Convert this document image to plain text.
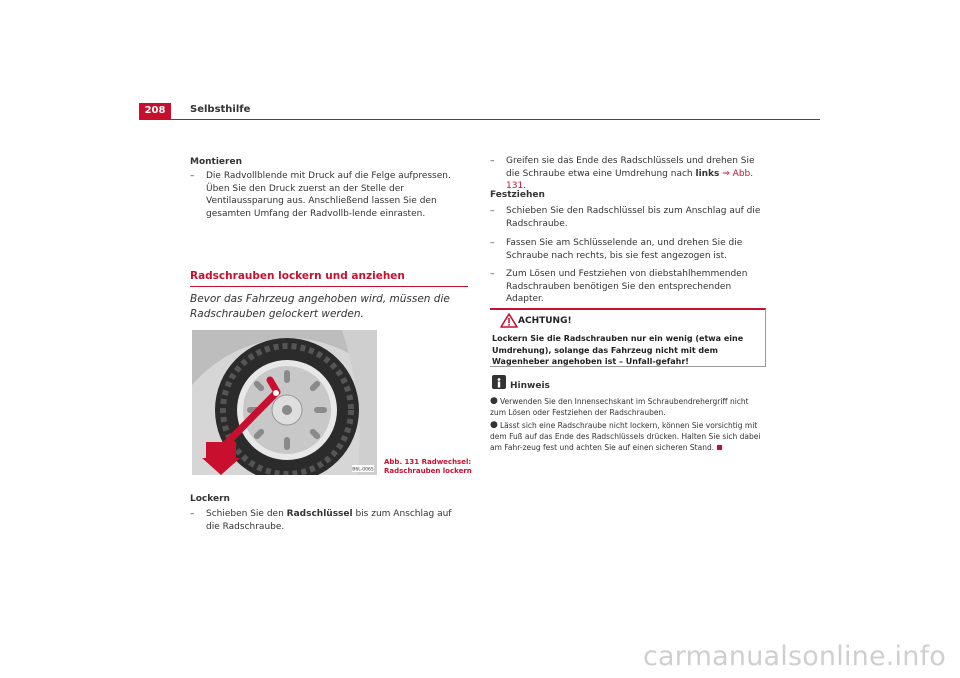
208	Selbsthilfe
Montieren
–	Die Radvollblende mit Druck auf die Felge aufpressen. Üben Sie den Druck zuerst an der Stelle der Ventilaussparung aus. Anschließend lassen Sie den gesamten Umfang der Radvollb-lende einrasten.
Radschrauben lockern und anziehen
Bevor das Fahrzeug angehoben wird, müssen die Radschrauben gelockert werden.
B6L-0065
Abb. 131 Radwechsel:
Radschrauben lockern
Lockern
–	Schieben Sie den Radschlüssel bis zum Anschlag auf die Radschraube.
–	Greifen sie das Ende des Radschlüssels und drehen Sie die Schraube etwa eine Umdrehung nach links ⇒ Abb. 131.
Festziehen
–	Schieben Sie den Radschlüssel bis zum Anschlag auf die Radschraube.
–	Fassen Sie am Schlüsselende an, und drehen Sie die Schraube nach rechts, bis sie fest angezogen ist.
–	Zum Lösen und Festziehen von diebstahlhemmenden Radschrauben benötigen Sie den entsprechenden Adapter.
ACHTUNG!
Lockern Sie die Radschrauben nur ein wenig (etwa eine Umdrehung), solange das Fahrzeug nicht mit dem Wagenheber angehoben ist – Unfall-gefahr!
Hinweis
● Verwenden Sie den Innensechskant im Schraubendrehergriff nicht zum Lösen oder Festziehen der Radschrauben.
● Lässt sich eine Radschraube nicht lockern, können Sie vorsichtig mit dem Fuß auf das Ende des Radschlüssels drücken. Halten Sie sich dabei am Fahr-zeug fest und achten Sie auf einen sicheren Stand.
carmanualsonline.info
